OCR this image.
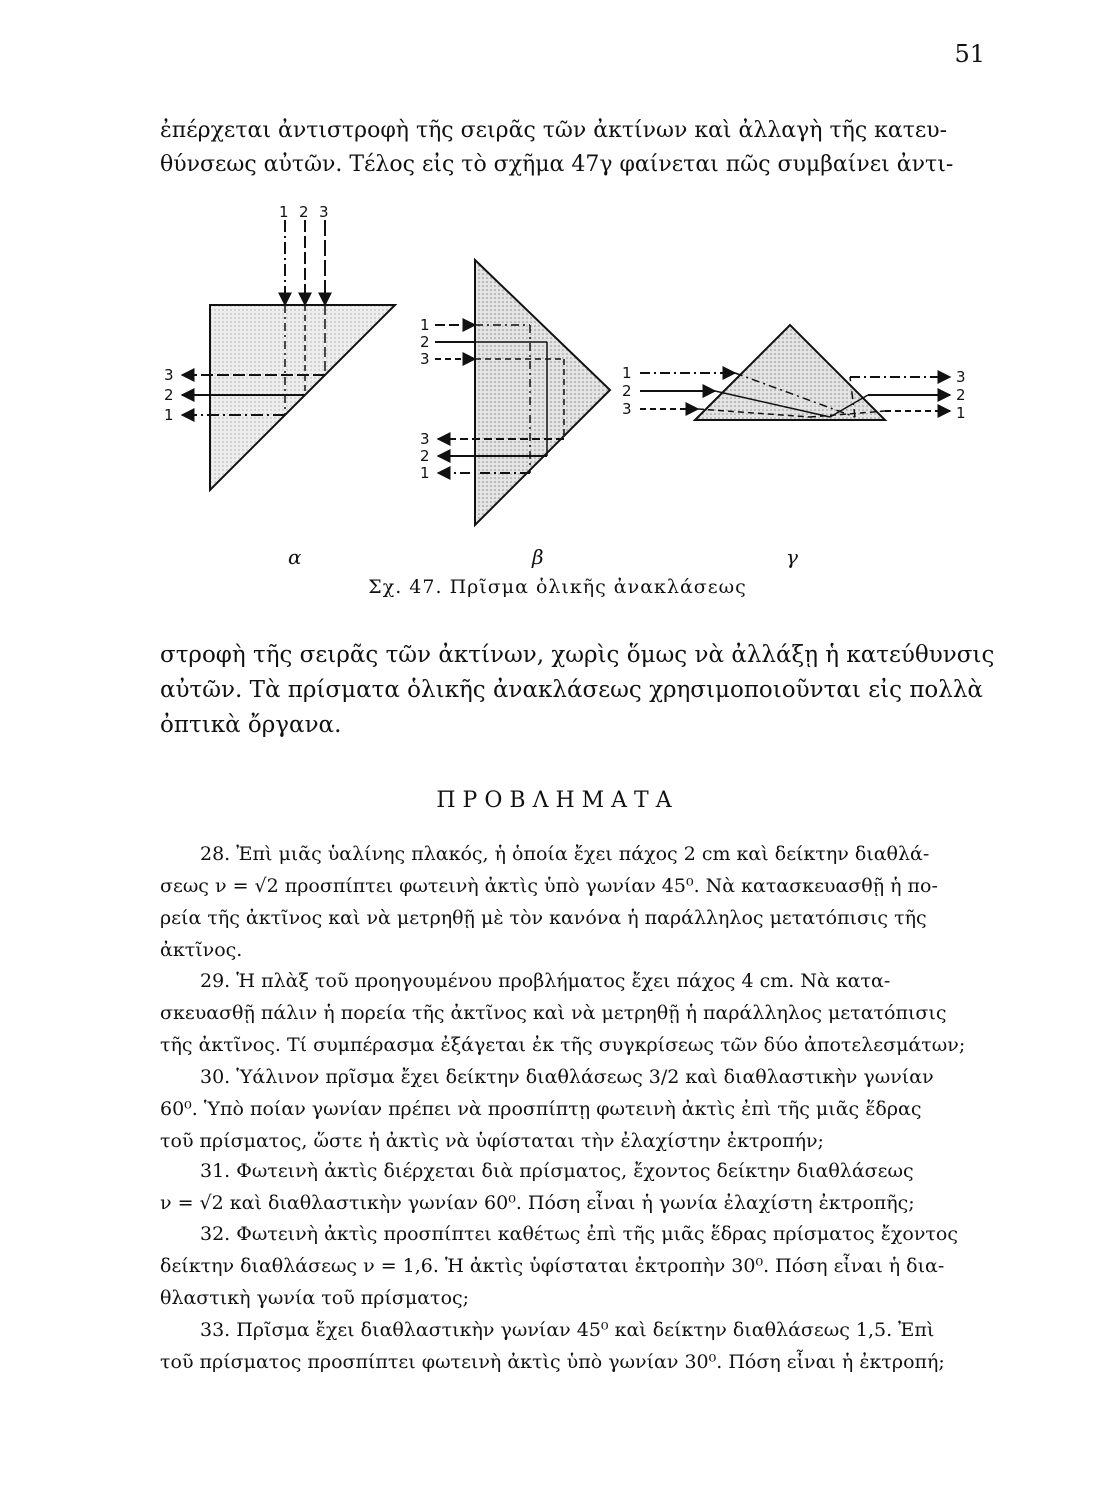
51
ἐπέρχεται ἀντιστροφὴ τῆς σειρᾶς τῶν ἀκτίνων καὶ ἀλλαγὴ τῆς κατευ-
θύνσεως αὐτῶν. Τέλος εἰς τὸ σχῆμα 47γ φαίνεται πῶς συμβαίνει ἀντι-
1 2 3
3
2
1
1
2
3
3
2
1
1
2
3
3
2
1
α	β	γ
Σχ. 47. Πρῖσμα ὁλικῆς ἀνακλάσεως
στροφὴ τῆς σειρᾶς τῶν ἀκτίνων, χωρὶς ὅμως νὰ ἀλλάξῃ ἡ κατεύθυνσις
αὐτῶν. Τὰ πρίσματα ὁλικῆς ἀνακλάσεως χρησιμοποιοῦνται εἰς πολλὰ
ὀπτικὰ ὄργανα.
ΠΡΟΒΛΗΜΑΤΑ
28. Ἐπὶ μιᾶς ὑαλίνης πλακός, ἡ ὁποία ἔχει πάχος 2 cm καὶ δείκτην διαθλά-
σεως ν = √2 προσπίπτει φωτεινὴ ἀκτὶς ὑπὸ γωνίαν 45⁰. Νὰ κατασκευασθῇ ἡ πο-
ρεία τῆς ἀκτῖνος καὶ νὰ μετρηθῇ μὲ τὸν κανόνα ἡ παράλληλος μετατόπισις τῆς
ἀκτῖνος.
29. Ἡ πλὰξ τοῦ προηγουμένου προβλήματος ἔχει πάχος 4 cm. Νὰ κατα-
σκευασθῇ πάλιν ἡ πορεία τῆς ἀκτῖνος καὶ νὰ μετρηθῇ ἡ παράλληλος μετατόπισις
τῆς ἀκτῖνος. Τί συμπέρασμα ἐξάγεται ἐκ τῆς συγκρίσεως τῶν δύο ἀποτελεσμάτων;
30. Ὑάλινον πρῖσμα ἔχει δείκτην διαθλάσεως 3/2 καὶ διαθλαστικὴν γωνίαν
60⁰. Ὑπὸ ποίαν γωνίαν πρέπει νὰ προσπίπτῃ φωτεινὴ ἀκτὶς ἐπὶ τῆς μιᾶς ἕδρας
τοῦ πρίσματος, ὥστε ἡ ἀκτὶς νὰ ὑφίσταται τὴν ἐλαχίστην ἐκτροπήν;
31. Φωτεινὴ ἀκτὶς διέρχεται διὰ πρίσματος, ἔχοντος δείκτην διαθλάσεως
ν = √2 καὶ διαθλαστικὴν γωνίαν 60⁰. Πόση εἶναι ἡ γωνία ἐλαχίστη ἐκτροπῆς;
32. Φωτεινὴ ἀκτὶς προσπίπτει καθέτως ἐπὶ τῆς μιᾶς ἕδρας πρίσματος ἔχοντος
δείκτην διαθλάσεως ν = 1,6. Ἡ ἀκτὶς ὑφίσταται ἐκτροπὴν 30⁰. Πόση εἶναι ἡ δια-
θλαστικὴ γωνία τοῦ πρίσματος;
33. Πρῖσμα ἔχει διαθλαστικὴν γωνίαν 45⁰ καὶ δείκτην διαθλάσεως 1,5. Ἐπὶ
τοῦ πρίσματος προσπίπτει φωτεινὴ ἀκτὶς ὑπὸ γωνίαν 30⁰. Πόση εἶναι ἡ ἐκτροπή;
